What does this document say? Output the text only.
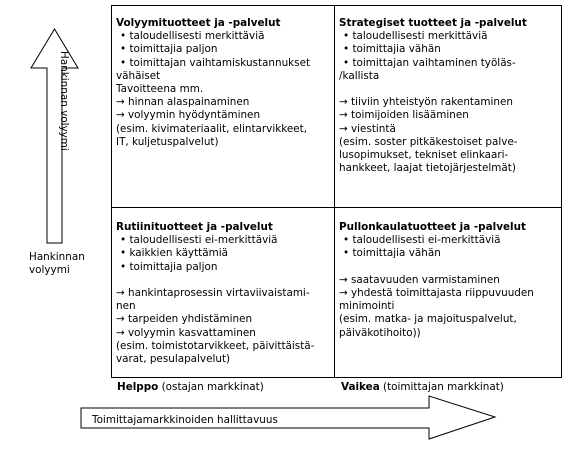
Volyymituotteet ja -palvelut
• taloudellisesti merkittäviä
• toimittajia paljon
• toimittajan vaihtamiskustannukset
vähäiset
Tavoitteena mm.
→ hinnan alaspainaminen
→ volyymin hyödyntäminen
(esim. kivimateriaalit, elintarvikkeet,
IT, kuljetuspalvelut)
Strategiset tuotteet ja -palvelut
• taloudellisesti merkittäviä
• toimittajia vähän
• toimittajan vaihtaminen työläs-
/kallista
→ tiiviin yhteistyön rakentaminen
→ toimijoiden lisääminen
→ viestintä
(esim. soster pitkäkestoiset palve-
lusopimukset, tekniset elinkaari-
hankkeet, laajat tietojärjestelmät)
Rutiinituotteet ja -palvelut
• taloudellisesti ei-merkittäviä
• kaikkien käyttämiä
• toimittajia paljon
→ hankintaprosessin virtaviivaistami-
nen
→ tarpeiden yhdistäminen
→ volyymin kasvattaminen
(esim. toimistotarvikkeet, päivittäistä-
varat, pesulapalvelut)
Pullonkaulatuotteet ja -palvelut
• taloudellisesti ei-merkittäviä
• toimittajia vähän
→ saatavuuden varmistaminen
→ yhdestä toimittajasta riippuvuuden
minimointi
(esim. matka- ja majoituspalvelut,
päiväkotihoito))
Hankinnan volyymi
Hankinnan
volyymi
Helppo (ostajan markkinat)	Vaikea (toimittajan markkinat)
Toimittajamarkkinoiden hallittavuus
